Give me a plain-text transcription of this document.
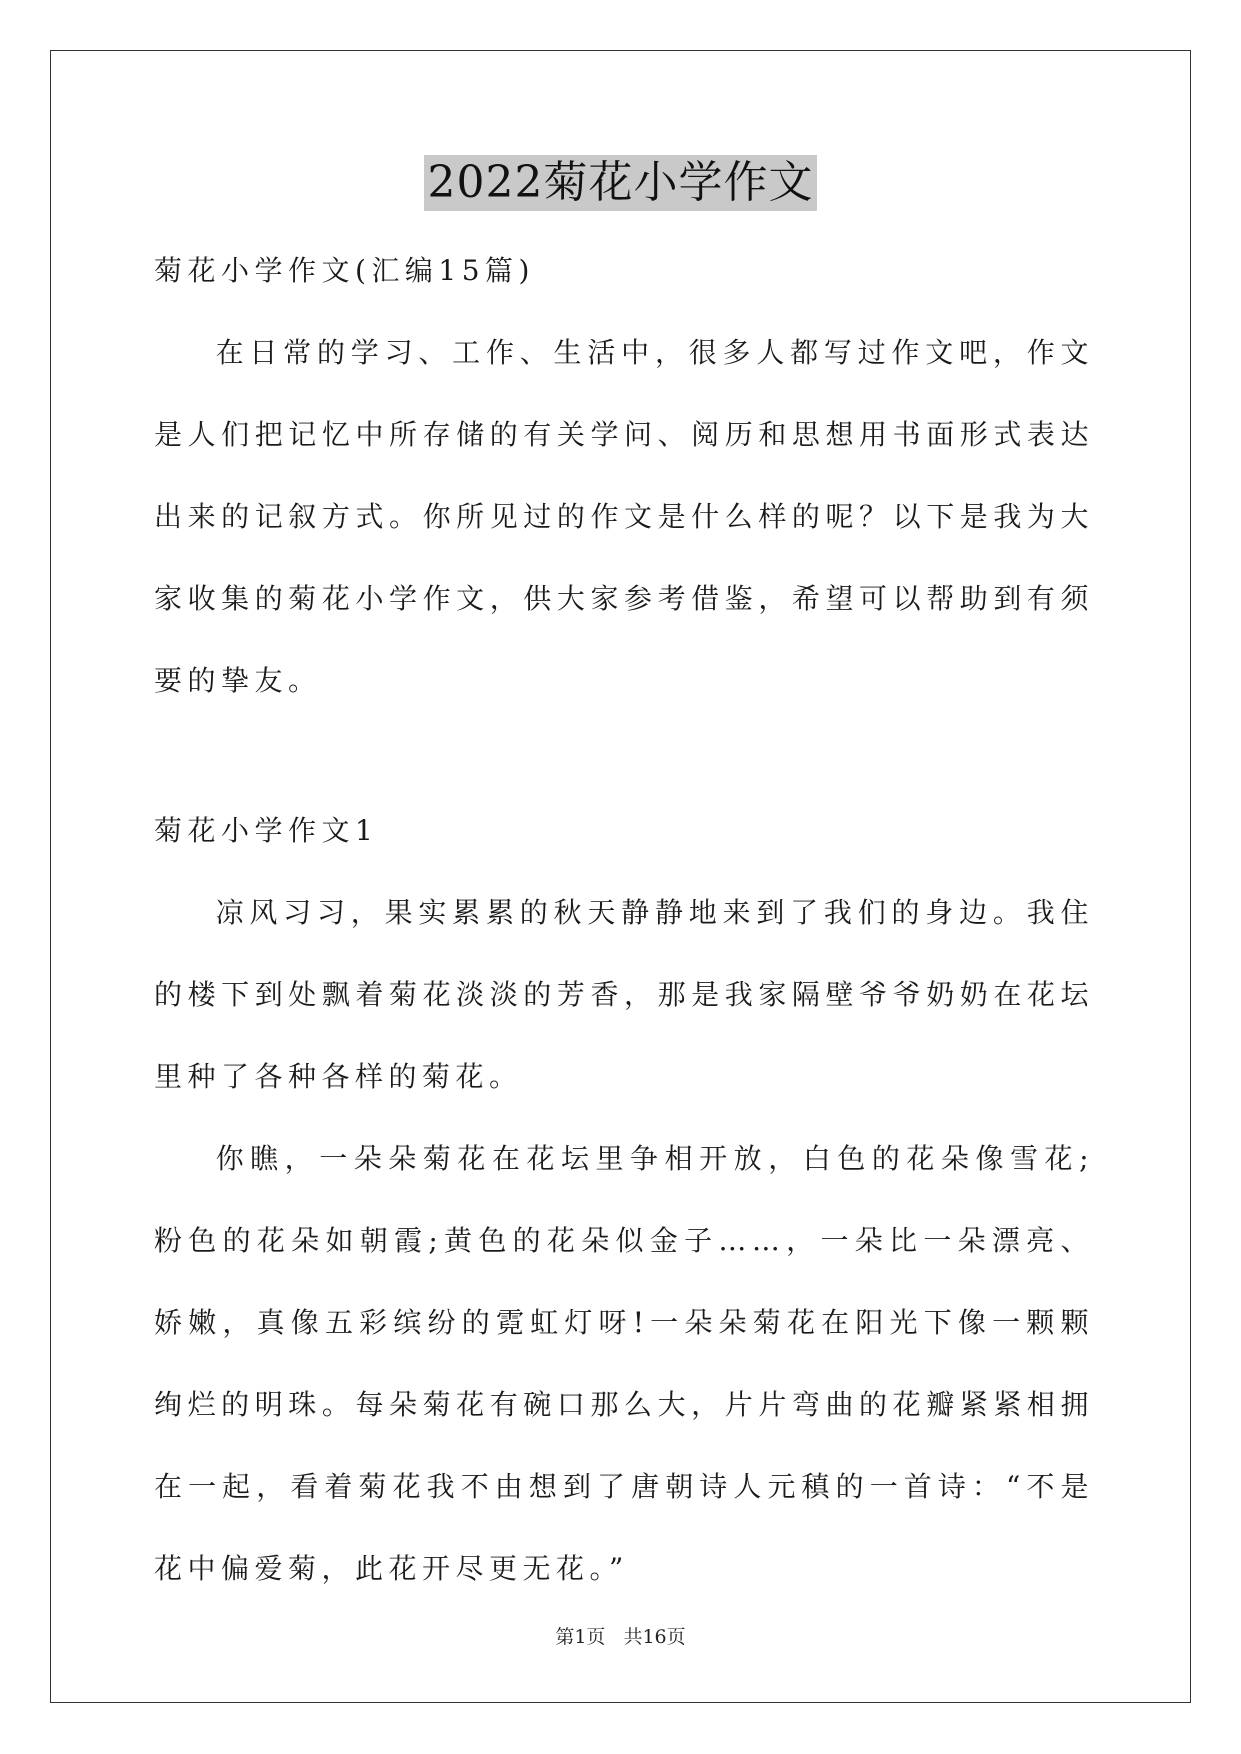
2022菊花小学作文

菊花小学作文(汇编15篇)

在日常的学习、工作、生活中，很多人都写过作文吧，作文是人们把记忆中所存储的有关学问、阅历和思想用书面形式表达出来的记叙方式。你所见过的作文是什么样的呢？以下是我为大家收集的菊花小学作文，供大家参考借鉴，希望可以帮助到有须要的挚友。

菊花小学作文1

凉风习习，果实累累的秋天静静地来到了我们的身边。我住的楼下到处飘着菊花淡淡的芳香，那是我家隔壁爷爷奶奶在花坛里种了各种各样的菊花。

你瞧，一朵朵菊花在花坛里争相开放，白色的花朵像雪花;粉色的花朵如朝霞;黄色的花朵似金子……，一朵比一朵漂亮、娇嫩，真像五彩缤纷的霓虹灯呀!一朵朵菊花在阳光下像一颗颗绚烂的明珠。每朵菊花有碗口那么大，片片弯曲的花瓣紧紧相拥在一起，看着菊花我不由想到了唐朝诗人元稹的一首诗：“不是花中偏爱菊，此花开尽更无花。”

第1页 共16页
